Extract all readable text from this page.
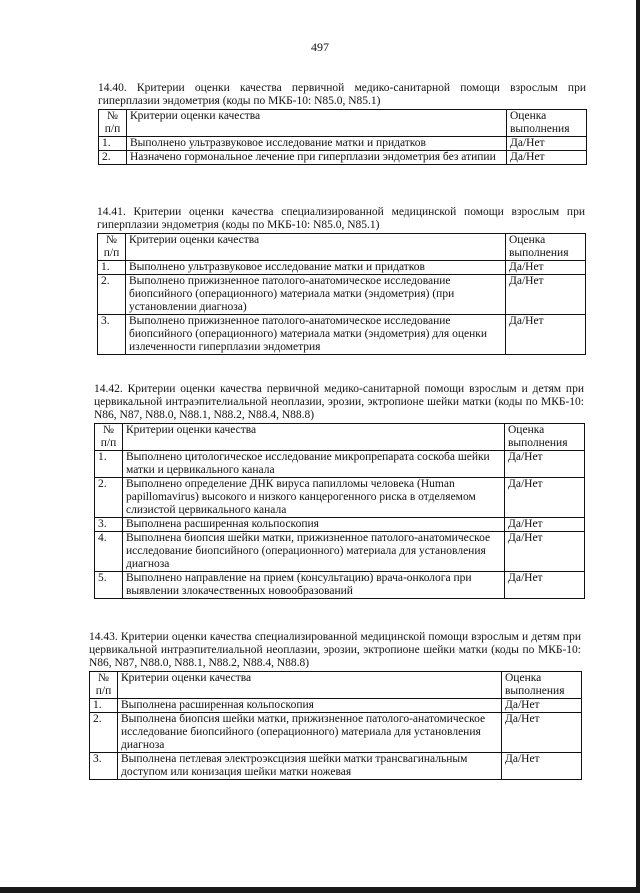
497

14.40. Критерии оценки качества первичной медико-санитарной помощи взрослым при гиперплазии эндометрия (коды по МКБ-10: N85.0, N85.1)

№ п/п	Критерии оценки качества	Оценка выполнения
1.	Выполнено ультразвуковое исследование матки и придатков	Да/Нет
2.	Назначено гормональное лечение при гиперплазии эндометрия без атипии	Да/Нет

14.41. Критерии оценки качества специализированной медицинской помощи взрослым при гиперплазии эндометрия (коды по МКБ-10: N85.0, N85.1)

№ п/п	Критерии оценки качества	Оценка выполнения
1.	Выполнено ультразвуковое исследование матки и придатков	Да/Нет
2.	Выполнено прижизненное патолого-анатомическое исследование биопсийного (операционного) материала матки (эндометрия) (при установлении диагноза)	Да/Нет
3.	Выполнено прижизненное патолого-анатомическое исследование биопсийного (операционного) материала матки (эндометрия) для оценки излеченности гиперплазии эндометрия	Да/Нет

14.42. Критерии оценки качества первичной медико-санитарной помощи взрослым и детям при цервикальной интраэпителиальной неоплазии, эрозии, эктропионе шейки матки (коды по МКБ-10: N86, N87, N88.0, N88.1, N88.2, N88.4, N88.8)

№ п/п	Критерии оценки качества	Оценка выполнения
1.	Выполнено цитологическое исследование микропрепарата соскоба шейки матки и цервикального канала	Да/Нет
2.	Выполнено определение ДНК вируса папилломы человека (Human papillomavirus) высокого и низкого канцерогенного риска в отделяемом слизистой цервикального канала	Да/Нет
3.	Выполнена расширенная кольпоскопия	Да/Нет
4.	Выполнена биопсия шейки матки, прижизненное патолого-анатомическое исследование биопсийного (операционного) материала для установления диагноза	Да/Нет
5.	Выполнено направление на прием (консультацию) врача-онколога при выявлении злокачественных новообразований	Да/Нет

14.43. Критерии оценки качества специализированной медицинской помощи взрослым и детям при цервикальной интраэпителиальной неоплазии, эрозии, эктропионе шейки матки (коды по МКБ-10: N86, N87, N88.0, N88.1, N88.2, N88.4, N88.8)

№ п/п	Критерии оценки качества	Оценка выполнения
1.	Выполнена расширенная кольпоскопия	Да/Нет
2.	Выполнена биопсия шейки матки, прижизненное патолого-анатомическое исследование биопсийного (операционного) материала для установления диагноза	Да/Нет
3.	Выполнена петлевая электроэксцизия шейки матки трансвагинальным доступом или конизация шейки матки ножевая	Да/Нет
